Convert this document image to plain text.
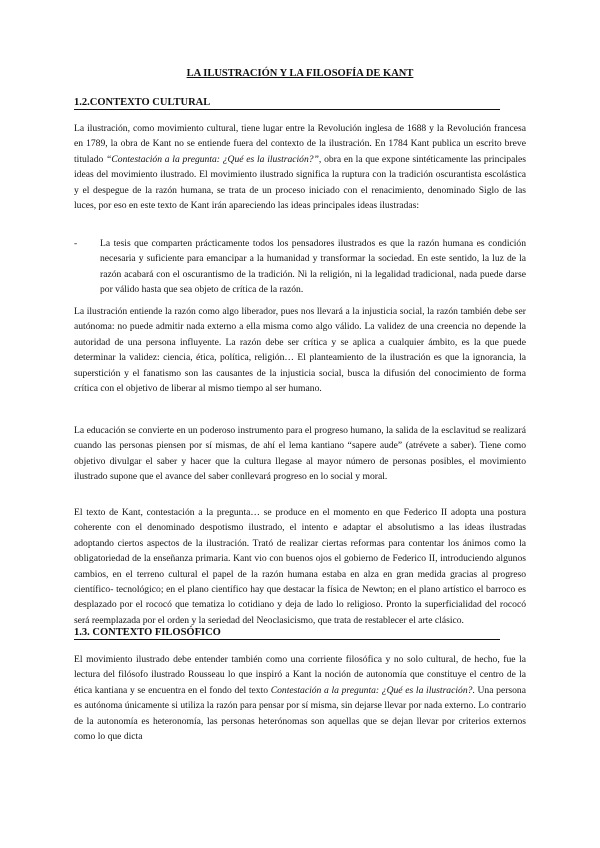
LA ILUSTRACIÓN Y LA FILOSOFÍA DE KANT
1.2.CONTEXTO CULTURAL

La ilustración, como movimiento cultural, tiene lugar entre la Revolución inglesa de 1688 y la Revolución francesa en 1789, la obra de Kant no se entiende fuera del contexto de la ilustración. En 1784 Kant publica un escrito breve titulado “Contestación a la pregunta: ¿Qué es la ilustración?”, obra en la que expone sintéticamente las principales ideas del movimiento ilustrado. El movimiento ilustrado significa la ruptura con la tradición oscurantista escolástica y el despegue de la razón humana, se trata de un proceso iniciado con el renacimiento, denominado Siglo de las luces, por eso en este texto de Kant irán apareciendo las ideas principales ideas ilustradas:

- La tesis que comparten prácticamente todos los pensadores ilustrados es que la razón humana es condición necesaria y suficiente para emancipar a la humanidad y transformar la sociedad. En este sentido, la luz de la razón acabará con el oscurantismo de la tradición. Ni la religión, ni la legalidad tradicional, nada puede darse por válido hasta que sea objeto de crítica de la razón.

La ilustración entiende la razón como algo liberador, pues nos llevará a la injusticia social, la razón también debe ser autónoma: no puede admitir nada externo a ella misma como algo válido. La validez de una creencia no depende la autoridad de una persona influyente. La razón debe ser crítica y se aplica a cualquier ámbito, es la que puede determinar la validez: ciencia, ética, política, religión… El planteamiento de la ilustración es que la ignorancia, la superstición y el fanatismo son las causantes de la injusticia social, busca la difusión del conocimiento de forma crítica con el objetivo de liberar al mismo tiempo al ser humano.

La educación se convierte en un poderoso instrumento para el progreso humano, la salida de la esclavitud se realizará cuando las personas piensen por sí mismas, de ahí el lema kantiano “sapere aude” (atrévete a saber). Tiene como objetivo divulgar el saber y hacer que la cultura llegase al mayor número de personas posibles, el movimiento ilustrado supone que el avance del saber conllevará progreso en lo social y moral.

El texto de Kant, contestación a la pregunta… se produce en el momento en que Federico II adopta una postura coherente con el denominado despotismo ilustrado, el intento e adaptar el absolutismo a las ideas ilustradas adoptando ciertos aspectos de la ilustración. Trató de realizar ciertas reformas para contentar los ánimos como la obligatoriedad de la enseñanza primaria. Kant vio con buenos ojos el gobierno de Federico II, introduciendo algunos cambios, en el terreno cultural el papel de la razón humana estaba en alza en gran medida gracias al progreso científico- tecnológico; en el plano científico hay que destacar la física de Newton; en el plano artístico el barroco es desplazado por el rococó que tematiza lo cotidiano y deja de lado lo religioso. Pronto la superficialidad del rococó será reemplazada por el orden y la seriedad del Neoclasicismo, que trata de restablecer el arte clásico.

1.3. CONTEXTO FILOSÓFICO

El movimiento ilustrado debe entender también como una corriente filosófica y no solo cultural, de hecho, fue la lectura del filósofo ilustrado Rousseau lo que inspiró a Kant la noción de autonomía que constituye el centro de la ética kantiana y se encuentra en el fondo del texto Contestación a la pregunta: ¿Qué es la ilustración?. Una persona es autónoma únicamente si utiliza la razón para pensar por sí misma, sin dejarse llevar por nada externo. Lo contrario de la autonomía es heteronomía, las personas heterónomas son aquellas que se dejan llevar por criterios externos como lo que dicta
